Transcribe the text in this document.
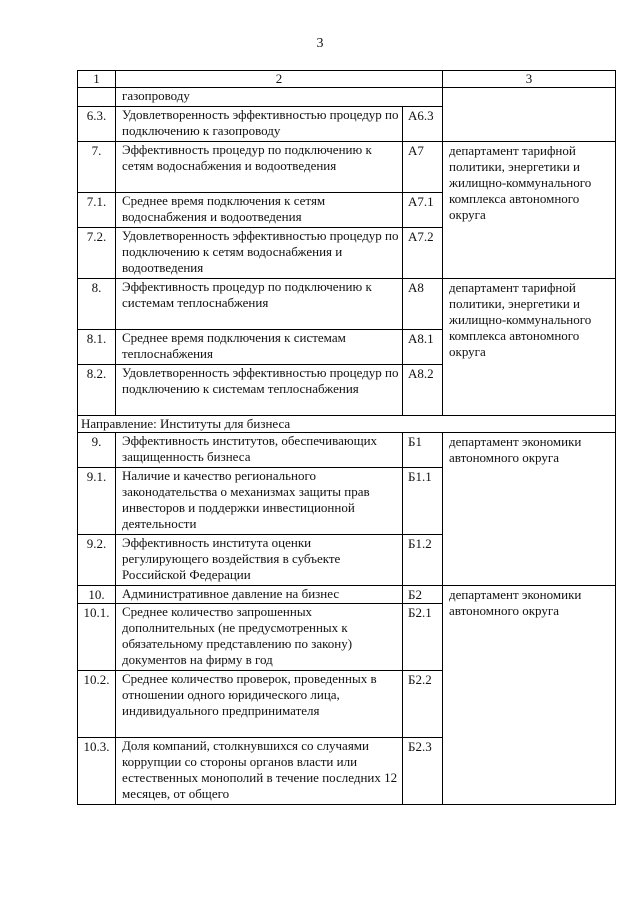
3
1	2		3
	газопроводу		
6.3.	Удовлетворенность эффективностью процедур по подключению к газопроводу	А6.3	
7.	Эффективность процедур по подключению к сетям водоснабжения и водоотведения	А7	департамент тарифной политики, энергетики и жилищно-коммунального комплекса автономного округа
7.1.	Среднее время подключения к сетям водоснабжения и водоотведения	А7.1	
7.2.	Удовлетворенность эффективностью процедур по подключению к сетям водоснабжения и водоотведения	А7.2	
8.	Эффективность процедур по подключению к системам теплоснабжения	А8	департамент тарифной политики, энергетики и жилищно-коммунального комплекса автономного округа
8.1.	Среднее время подключения к системам теплоснабжения	А8.1	
8.2.	Удовлетворенность эффективностью процедур по подключению к системам теплоснабжения	А8.2	
Направление: Институты для бизнеса			
9.	Эффективность институтов, обеспечивающих защищенность бизнеса	Б1	департамент экономики автономного округа
9.1.	Наличие и качество регионального законодательства о механизмах защиты прав инвесторов и поддержки инвестиционной деятельности	Б1.1	
9.2.	Эффективность института оценки регулирующего воздействия в субъекте Российской Федерации	Б1.2	
10.	Административное давление на бизнес	Б2	департамент экономики автономного округа
10.1.	Среднее количество запрошенных дополнительных (не предусмотренных к обязательному представлению по закону) документов на фирму в год	Б2.1	
10.2.	Среднее количество проверок, проведенных в отношении одного юридического лица, индивидуального предпринимателя	Б2.2	
10.3.	Доля компаний, столкнувшихся со случаями коррупции со стороны органов власти или естественных монополий в течение последних 12 месяцев, от общего	Б2.3	
